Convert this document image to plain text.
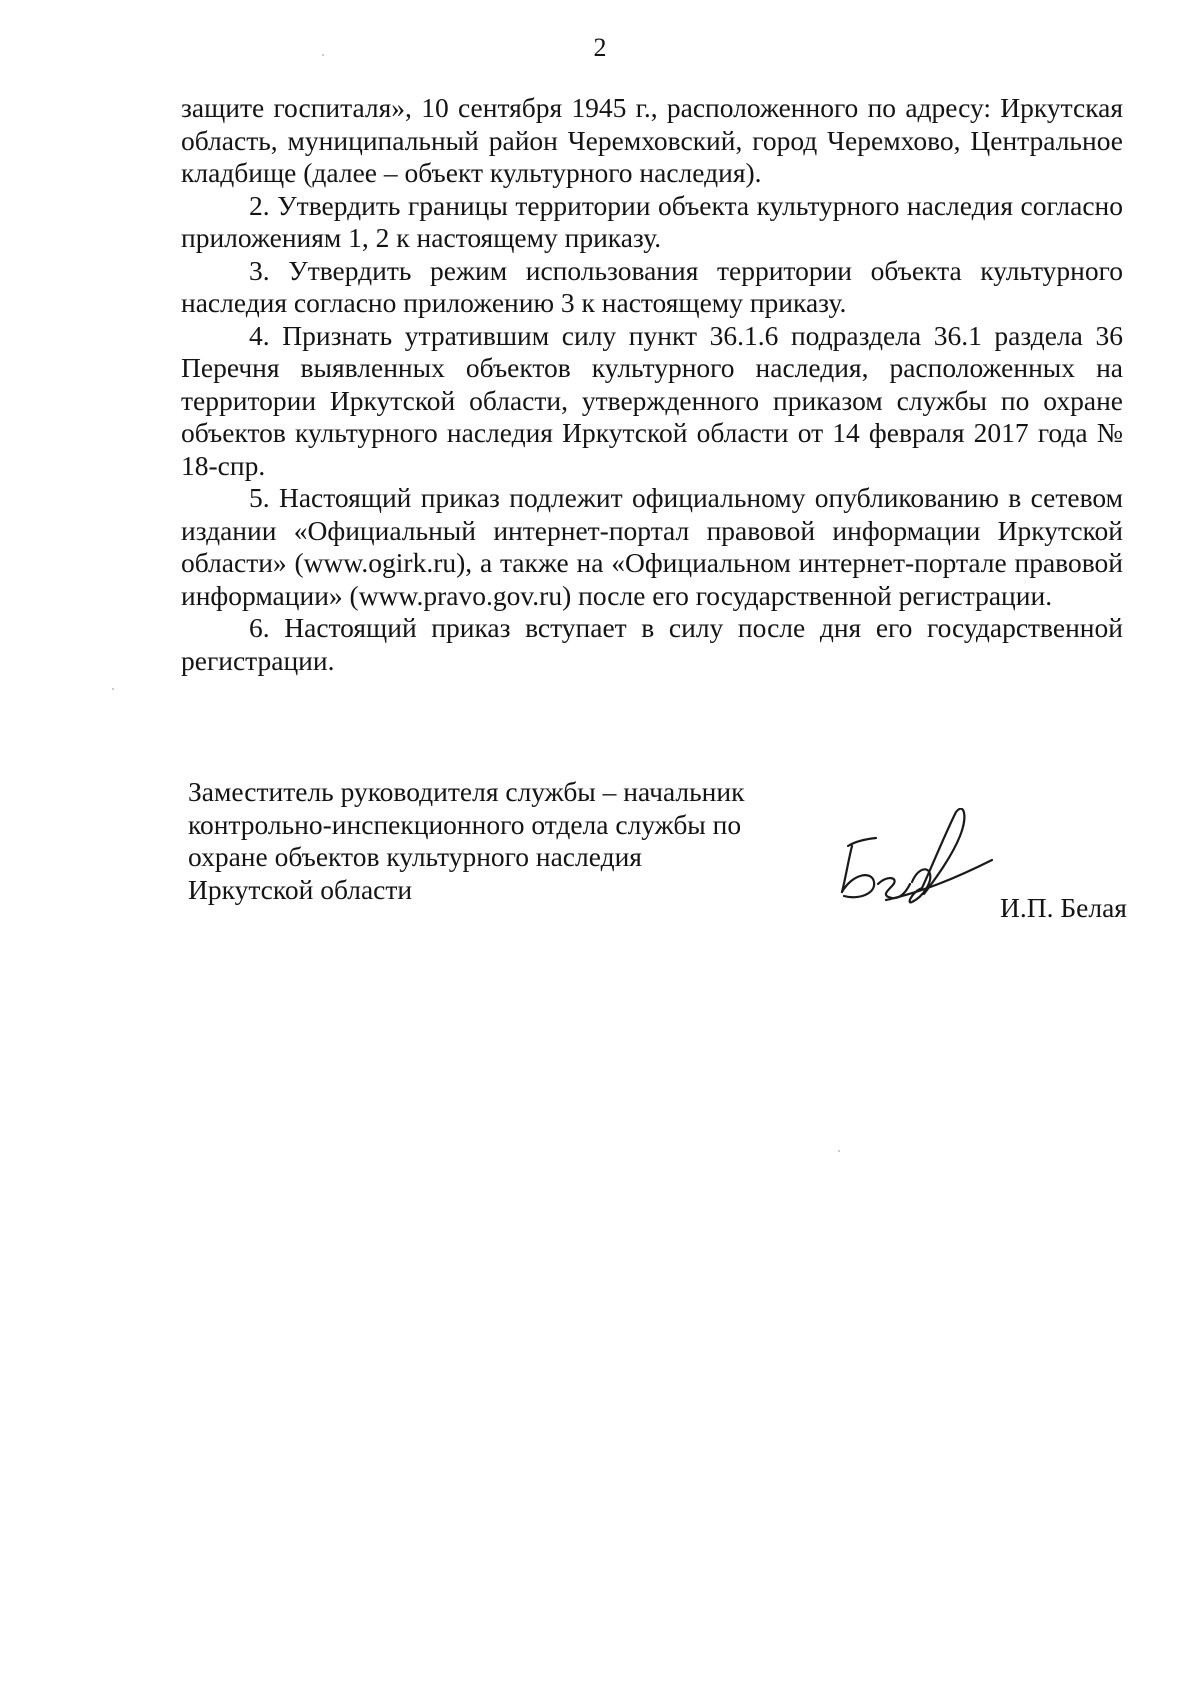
2

защите госпиталя», 10 сентября 1945 г., расположенного по адресу: Иркутская область, муниципальный район Черемховский, город Черемхово, Центральное кладбище (далее – объект культурного наследия).

2. Утвердить границы территории объекта культурного наследия согласно приложениям 1, 2 к настоящему приказу.

3. Утвердить режим использования территории объекта культурного наследия согласно приложению 3 к настоящему приказу.

4. Признать утратившим силу пункт 36.1.6 подраздела 36.1 раздела 36 Перечня выявленных объектов культурного наследия, расположенных на территории Иркутской области, утвержденного приказом службы по охране объектов культурного наследия Иркутской области от 14 февраля 2017 года № 18-спр.

5. Настоящий приказ подлежит официальному опубликованию в сетевом издании «Официальный интернет-портал правовой информации Иркутской области» (www.ogirk.ru), а также на «Официальном интернет-портале правовой информации» (www.pravo.gov.ru) после его государственной регистрации.

6. Настоящий приказ вступает в силу после дня его государственной регистрации.

Заместитель руководителя службы – начальник
контрольно-инспекционного отдела службы по
охране объектов культурного наследия
Иркутской области
И.П. Белая
